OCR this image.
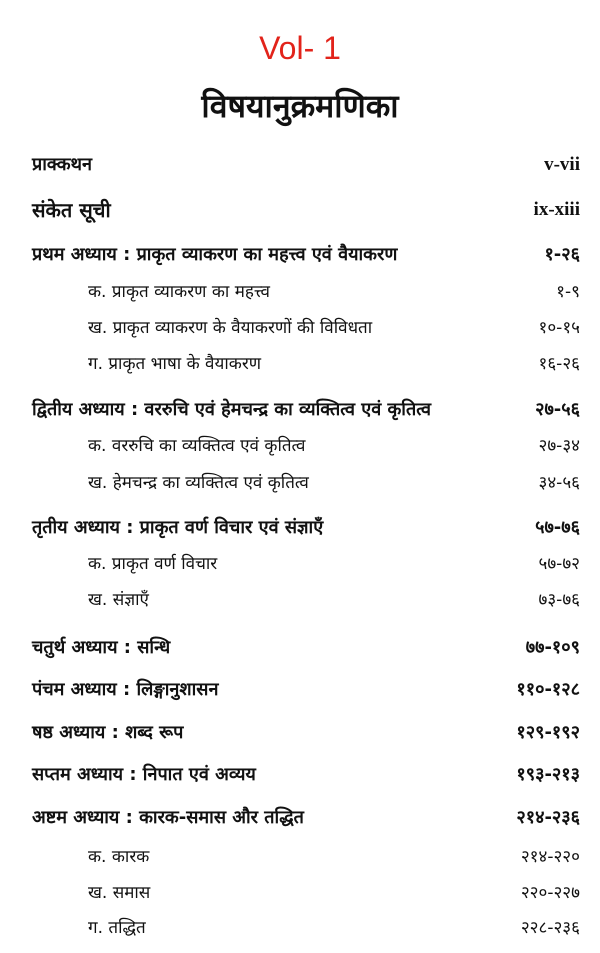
Vol- 1
विषयानुक्रमणिका
प्राक्कथन	v-vii
संकेत सूची	ix-xiii
प्रथम अध्याय : प्राकृत व्याकरण का महत्त्व एवं वैयाकरण	१-२६
क. प्राकृत व्याकरण का महत्त्व	१-९
ख. प्राकृत व्याकरण के वैयाकरणों की विविधता	१०-१५
ग. प्राकृत भाषा के वैयाकरण	१६-२६
द्वितीय अध्याय : वररुचि एवं हेमचन्द्र का व्यक्तित्व एवं कृतित्व	२७-५६
क. वररुचि का व्यक्तित्व एवं कृतित्व	२७-३४
ख. हेमचन्द्र का व्यक्तित्व एवं कृतित्व	३४-५६
तृतीय अध्याय : प्राकृत वर्ण विचार एवं संज्ञाएँ	५७-७६
क. प्राकृत वर्ण विचार	५७-७२
ख. संज्ञाएँ	७३-७६
चतुर्थ अध्याय : सन्धि	७७-१०९
पंचम अध्याय : लिङ्गानुशासन	११०-१२८
षष्ठ अध्याय : शब्द रूप	१२९-१९२
सप्तम अध्याय : निपात एवं अव्यय	१९३-२१३
अष्टम अध्याय : कारक-समास और तद्धित	२१४-२३६
क. कारक	२१४-२२०
ख. समास	२२०-२२७
ग. तद्धित	२२८-२३६
